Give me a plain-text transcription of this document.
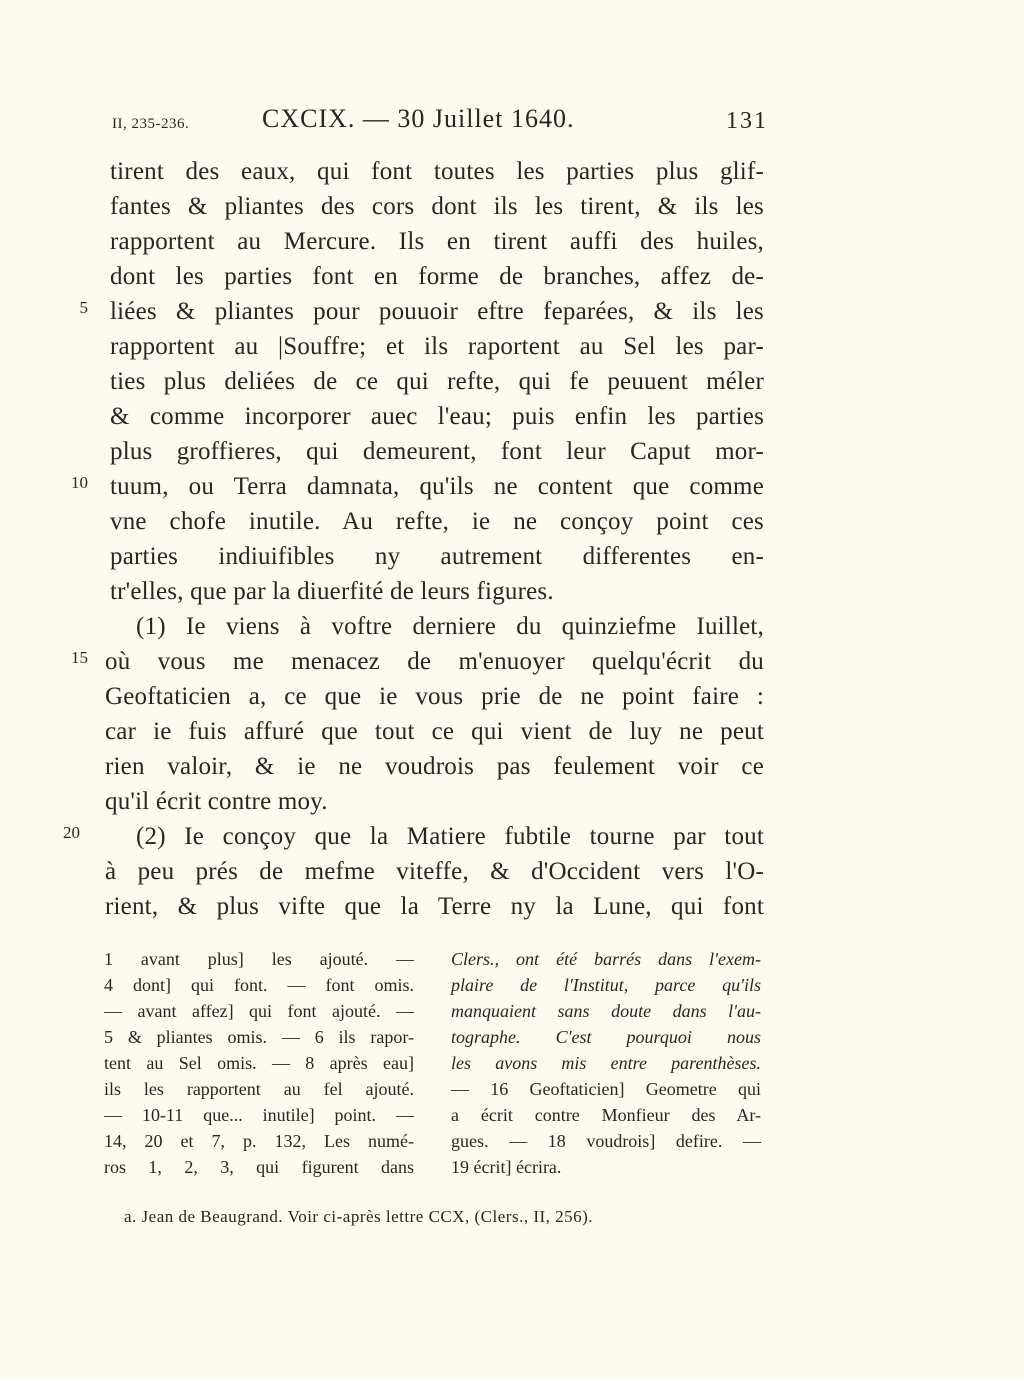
II, 235-236.	CXCIX. — 30 Juillet 1640.	131
tirent des eaux, qui font toutes les parties plus glif-
fantes & pliantes des cors dont ils les tirent, & ils les
rapportent au Mercure. Ils en tirent auffi des huiles,
dont les parties font en forme de branches, affez de-
5 liées & pliantes pour pouuoir eftre feparées, & ils les
rapportent au |Souffre; et ils raportent au Sel les par-
ties plus deliées de ce qui refte, qui fe peuuent méler
& comme incorporer auec l'eau; puis enfin les parties
plus groffieres, qui demeurent, font leur Caput mor-
10 tuum, ou Terra damnata, qu'ils ne content que comme
vne chofe inutile. Au refte, ie ne conçoy point ces
parties indiuifibles ny autrement differentes en-
tr'elles, que par la diuerfité de leurs figures.
(1) Ie viens à voftre derniere du quinziefme Iuillet,
15 où vous me menacez de m'enuoyer quelqu'écrit du
Geoftaticien a, ce que ie vous prie de ne point faire :
car ie fuis affuré que tout ce qui vient de luy ne peut
rien valoir, & ie ne voudrois pas feulement voir ce
qu'il écrit contre moy.
20 (2) Ie conçoy que la Matiere fubtile tourne par tout
à peu prés de mefme viteffe, & d'Occident vers l'O-
rient, & plus vifte que la Terre ny la Lune, qui font
1 avant plus] les ajouté. —
4 dont] qui font. — font omis.
— avant affez] qui font ajouté. —
5 & pliantes omis. — 6 ils rapor-
tent au Sel omis. — 8 après eau]
ils les rapportent au fel ajouté.
— 10-11 que... inutile] point. —
14, 20 et 7, p. 132, Les numé-
ros 1, 2, 3, qui figurent dans
Clers., ont été barrés dans l'exem-
plaire de l'Institut, parce qu'ils
manquaient sans doute dans l'au-
tographe. C'est pourquoi nous
les avons mis entre parenthèses.
— 16 Geoftaticien] Geometre qui
a écrit contre Monfieur des Ar-
gues. — 18 voudrois] defire. —
19 écrit] écrira.
a. Jean de Beaugrand. Voir ci-après lettre CCX, (Clers., II, 256).
